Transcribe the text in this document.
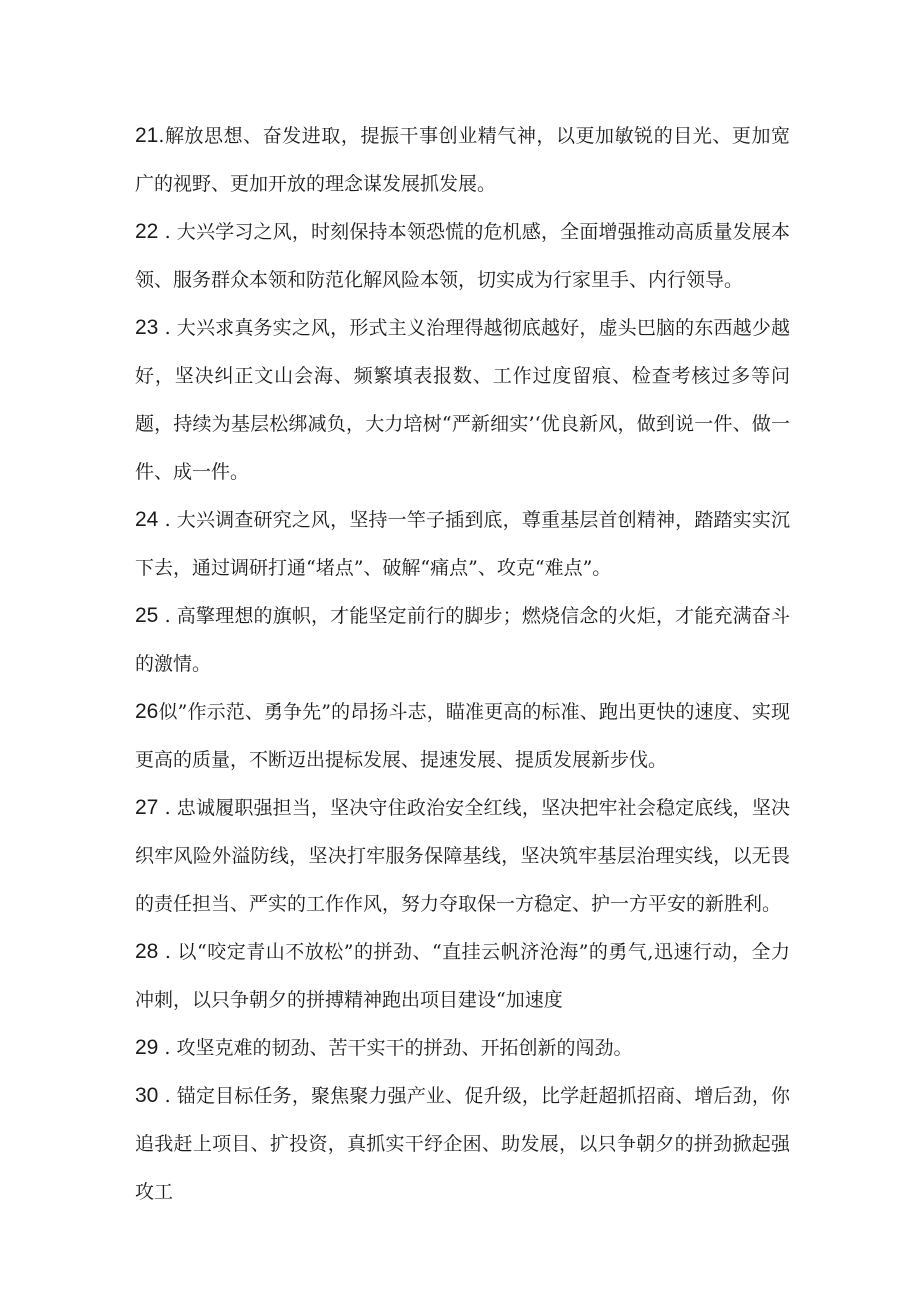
21.解放思想、奋发进取，提振干事创业精气神，以更加敏锐的目光、更加宽广的视野、更加开放的理念谋发展抓发展。

22 . 大兴学习之风，时刻保持本领恐慌的危机感，全面增强推动高质量发展本领、服务群众本领和防范化解风险本领，切实成为行家里手、内行领导。

23 . 大兴求真务实之风，形式主义治理得越彻底越好，虚头巴脑的东西越少越好，坚决纠正文山会海、频繁填表报数、工作过度留痕、检查考核过多等问题，持续为基层松绑减负，大力培树“严新细实’‘优良新风，做到说一件、做一件、成一件。

24 . 大兴调查研究之风，坚持一竿子插到底，尊重基层首创精神，踏踏实实沉下去，通过调研打通“堵点”、破解“痛点”、攻克“难点”。

25 . 高擎理想的旗帜，才能坚定前行的脚步；燃烧信念的火炬，才能充满奋斗的激情。

26似”作示范、勇争先”的昂扬斗志，瞄准更高的标准、跑出更快的速度、实现更高的质量，不断迈出提标发展、提速发展、提质发展新步伐。

27 . 忠诚履职强担当，坚决守住政治安全红线，坚决把牢社会稳定底线，坚决织牢风险外溢防线，坚决打牢服务保障基线，坚决筑牢基层治理实线，以无畏的责任担当、严实的工作作风，努力夺取保一方稳定、护一方平安的新胜利。

28 . 以“咬定青山不放松”的拼劲、“直挂云帆济沧海”的勇气,迅速行动，全力冲刺，以只争朝夕的拼搏精神跑出项目建设“加速度

29 . 攻坚克难的韧劲、苦干实干的拼劲、开拓创新的闯劲。

30 . 锚定目标任务，聚焦聚力强产业、促升级，比学赶超抓招商、增后劲，你追我赶上项目、扩投资，真抓实干纾企困、助发展，以只争朝夕的拼劲掀起强攻工
